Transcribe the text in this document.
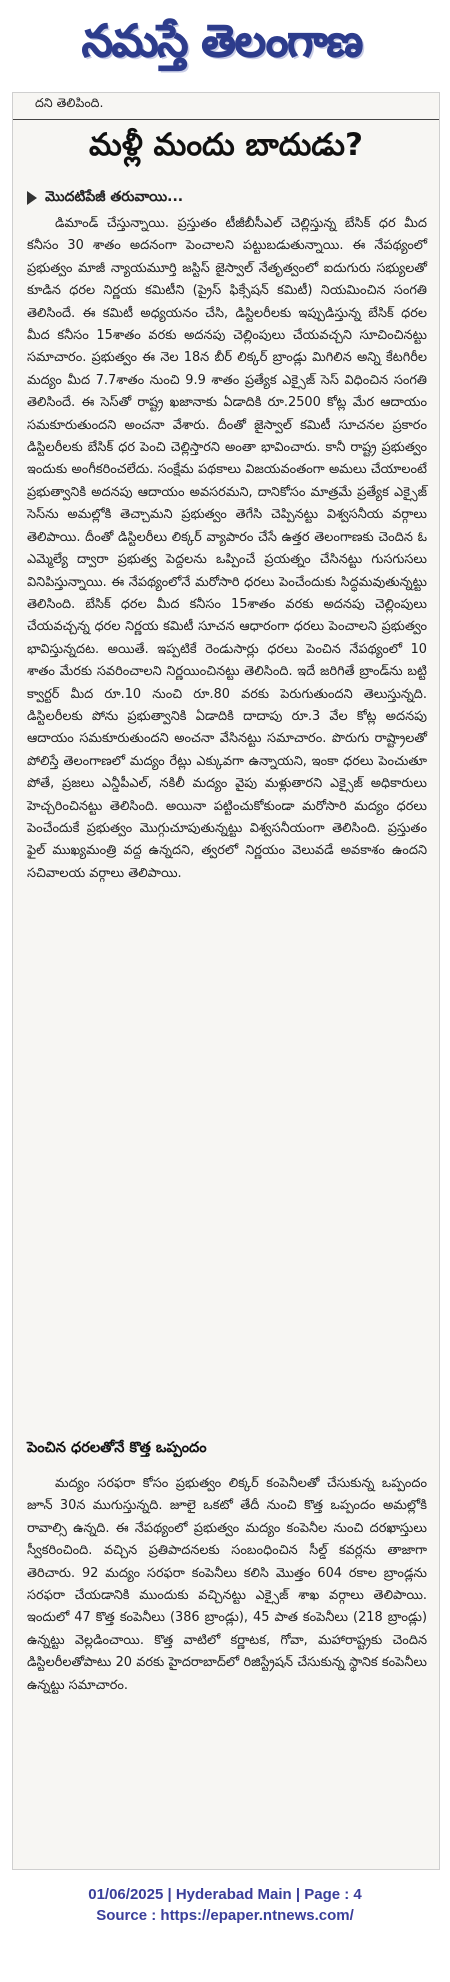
నమస్తే తెలంగాణ
దని తెలిపింది.
మళ్లీ మందు బాదుడు?
మొదటిపేజీ తరువాయి...
డిమాండ్ చేస్తున్నాయి. ప్రస్తుతం టీజీబీసీఎల్ చెల్లిస్తున్న బేసిక్ ధర మీద కనీసం 30 శాతం అదనంగా పెంచాలని పట్టుబడుతున్నాయి. ఈ నేపథ్యంలో ప్రభుత్వం మాజీ న్యాయమూర్తి జస్టిస్ జైస్వాల్ నేతృత్వంలో ఐదుగురు సభ్యులతో కూడిన ధరల నిర్ణయ కమిటీని (ప్రైస్ ఫిక్సేషన్ కమిటీ) నియమించిన సంగతి తెలిసిందే. ఈ కమిటీ అధ్యయనం చేసి, డిస్టిలరీలకు ఇప్పుడిస్తున్న బేసిక్ ధరల మీద కనీసం 15శాతం వరకు అదనపు చెల్లింపులు చేయవచ్చని సూచించినట్టు సమాచారం. ప్రభుత్వం ఈ నెల 18న బీర్ లిక్కర్ బ్రాండ్లు మిగిలిన అన్ని కేటగిరీల మద్యం మీద 7.7శాతం నుంచి 9.9 శాతం ప్రత్యేక ఎక్సైజ్ సెస్ విధించిన సంగతి తెలిసిందే. ఈ సెస్‌తో రాష్ట్ర ఖజానాకు ఏడాదికి రూ.2500 కోట్ల మేర ఆదాయం సమకూరుతుందని అంచనా వేశారు. దీంతో జైస్వాల్ కమిటీ సూచనల ప్రకారం డిస్టిలరీలకు బేసిక్ ధర పెంచి చెల్లిస్తారని అంతా భావించారు. కానీ రాష్ట్ర ప్రభుత్వం ఇందుకు అంగీకరించలేదు. సంక్షేమ పథకాలు విజయవంతంగా అమలు చేయాలంటే ప్రభుత్వానికి అదనపు ఆదాయం అవసరమని, దానికోసం మాత్రమే ప్రత్యేక ఎక్సైజ్ సెస్‌ను అమల్లోకి తెచ్చామని ప్రభుత్వం తెగేసి చెప్పినట్టు విశ్వసనీయ వర్గాలు తెలిపాయి. దీంతో డిస్టిలరీలు లిక్కర్ వ్యాపారం చేసే ఉత్తర తెలంగాణకు చెందిన ఓ ఎమ్మెల్యే ద్వారా ప్రభుత్వ పెద్దలను ఒప్పించే ప్రయత్నం చేసినట్టు గుసగుసలు వినిపిస్తున్నాయి. ఈ నేపథ్యంలోనే మరోసారి ధరలు పెంచేందుకు సిద్ధమవుతున్నట్టు తెలిసింది. బేసిక్ ధరల మీద కనీసం 15శాతం వరకు అదనపు చెల్లింపులు చేయవచ్చన్న ధరల నిర్ణయ కమిటీ సూచన ఆధారంగా ధరలు పెంచాలని ప్రభుత్వం భావిస్తున్నదట. అయితే. ఇప్పటికే రెండుసార్లు ధరలు పెంచిన నేపథ్యంలో 10 శాతం మేరకు సవరించాలని నిర్ణయించినట్టు తెలిసింది. ఇదే జరిగితే బ్రాండ్‌ను బట్టి క్వార్టర్ మీద రూ.10 నుంచి రూ.80 వరకు పెరుగుతుందని తెలుస్తున్నది. డిస్టిలరీలకు పోను ప్రభుత్వానికి ఏడాదికి దాదాపు రూ.3 వేల కోట్ల అదనపు ఆదాయం సమకూరుతుందని అంచనా వేసినట్టు సమాచారం. పొరుగు రాష్ట్రాలతో పోలిస్తే తెలంగాణలో మద్యం రేట్లు ఎక్కువగా ఉన్నాయని, ఇంకా ధరలు పెంచుతూ పోతే, ప్రజలు ఎన్డీపీఎల్, నకిలీ మద్యం వైపు మళ్లుతారని ఎక్సైజ్ అధికారులు హెచ్చరించినట్టు తెలిసింది. అయినా పట్టించుకోకుండా మరోసారి మద్యం ధరలు పెంచేందుకే ప్రభుత్వం మొగ్గుచూపుతున్నట్టు విశ్వసనీయంగా తెలిసింది. ప్రస్తుతం ఫైల్ ముఖ్యమంత్రి వద్ద ఉన్నదని, త్వరలో నిర్ణయం వెలువడే అవకాశం ఉందని సచివాలయ వర్గాలు తెలిపాయి.
పెంచిన ధరలతోనే కొత్త ఒప్పందం
మద్యం సరఫరా కోసం ప్రభుత్వం లిక్కర్ కంపెనీలతో చేసుకున్న ఒప్పందం జూన్ 30న ముగుస్తున్నది. జూలై ఒకటో తేదీ నుంచి కొత్త ఒప్పందం అమల్లోకి రావాల్సి ఉన్నది. ఈ నేపథ్యంలో ప్రభుత్వం మద్యం కంపెనీల నుంచి దరఖాస్తులు స్వీకరించింది. వచ్చిన ప్రతిపాదనలకు సంబంధించిన సీల్డ్ కవర్లను తాజాగా తెరిచారు. 92 మద్యం సరఫరా కంపెనీలు కలిసి మొత్తం 604 రకాల బ్రాండ్లను సరఫరా చేయడానికి ముందుకు వచ్చినట్టు ఎక్సైజ్ శాఖ వర్గాలు తెలిపాయి. ఇందులో 47 కొత్త కంపెనీలు (386 బ్రాండ్లు), 45 పాత కంపెనీలు (218 బ్రాండ్లు) ఉన్నట్టు వెల్లడించాయి. కొత్త వాటిలో కర్ణాటక, గోవా, మహారాష్ట్రకు చెందిన డిస్టిలరీలతోపాటు 20 వరకు హైదరాబాద్‌లో రిజిస్ట్రేషన్ చేసుకున్న స్థానిక కంపెనీలు ఉన్నట్టు సమాచారం.
01/06/2025 | Hyderabad Main | Page : 4
Source : https://epaper.ntnews.com/
